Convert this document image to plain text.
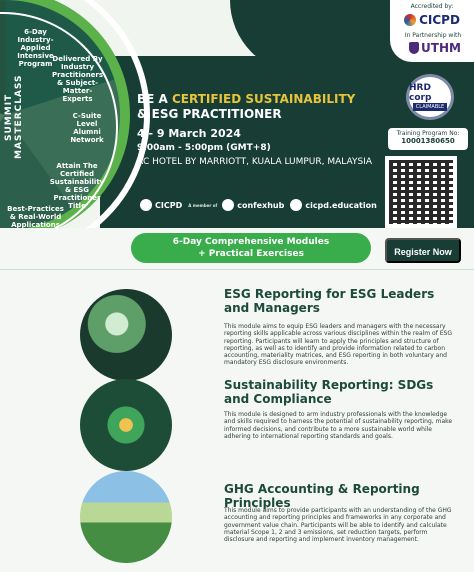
SUMMIT MASTERCLASS
6-Day Industry-Applied Intensive Program
Delivered By Industry Practitioners & Subject-Matter-Experts
C-Suite Level Alumni Network
Attain The Certified Sustainability & ESG Practitioner Title
Best-Practices & Real-World Applications
Accredited by:
CICPD
In Partnership with
UTHM
HRD corp
CLAIMABLE
BE A CERTIFIED SUSTAINABILITY
& ESG PRACTITIONER
4 - 9 March 2024
9:00am - 5:00pm (GMT+8)
AC HOTEL BY MARRIOTT, KUALA LUMPUR, MALAYSIA
Training Program No:
10001380650
CICPD A member of	confexhub	cicpd.education
6-Day Comprehensive Modules
+ Practical Exercises	Register Now
ESG Reporting for ESG Leaders and Managers
This module aims to equip ESG leaders and managers with the necessary reporting skills applicable across various disciplines within the realm of ESG reporting. Participants will learn to apply the principles and structure of reporting, as well as to identify and provide information related to carbon accounting, materiality matrices, and ESG reporting in both voluntary and mandatory ESG disclosure environments.
Sustainability Reporting: SDGs and Compliance
This module is designed to arm industry professionals with the knowledge and skills required to harness the potential of sustainability reporting, make informed decisions, and contribute to a more sustainable world while adhering to international reporting standards and goals.
GHG Accounting & Reporting Principles
This module aims to provide participants with an understanding of the GHG accounting and reporting principles and frameworks in any corporate and government value chain. Participants will be able to identify and calculate material Scope 1, 2 and 3 emissions, set reduction targets, perform disclosure and reporting and implement inventory management.
